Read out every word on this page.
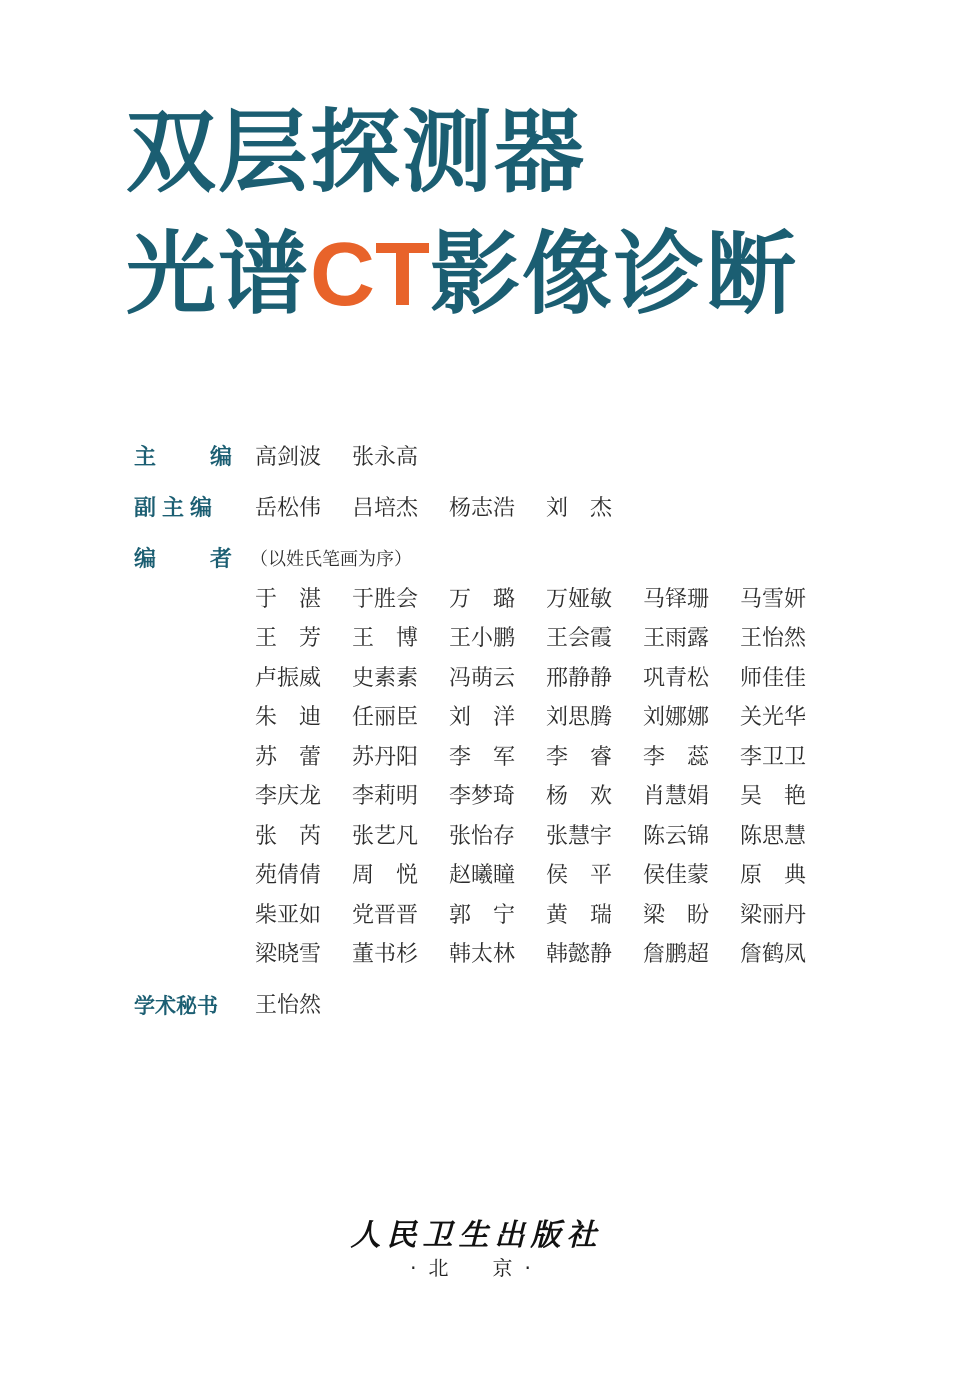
双层探测器
光谱CT影像诊断
主 编 高剑波	张永高
副主编 岳松伟	吕培杰	杨志浩	刘　杰
编 者 （以姓氏笔画为序）
于　湛	于胜会	万　璐	万娅敏	马铎珊	马雪妍
王　芳	王　博	王小鹏	王会霞	王雨露	王怡然
卢振威	史素素	冯萌云	邢静静	巩青松	师佳佳
朱　迪	任丽臣	刘　洋	刘思腾	刘娜娜	关光华
苏　蕾	苏丹阳	李　军	李　睿	李　蕊	李卫卫
李庆龙	李莉明	李梦琦	杨　欢	肖慧娟	吴　艳
张　芮	张艺凡	张怡存	张慧宇	陈云锦	陈思慧
苑倩倩	周　悦	赵曦瞳	侯　平	侯佳蒙	原　典
柴亚如	党晋晋	郭　宁	黄　瑞	梁　盼	梁丽丹
梁晓雪	董书杉	韩太林	韩懿静	詹鹏超	詹鹤凤
学术秘书 王怡然
人民卫生出版社
·北　京·
